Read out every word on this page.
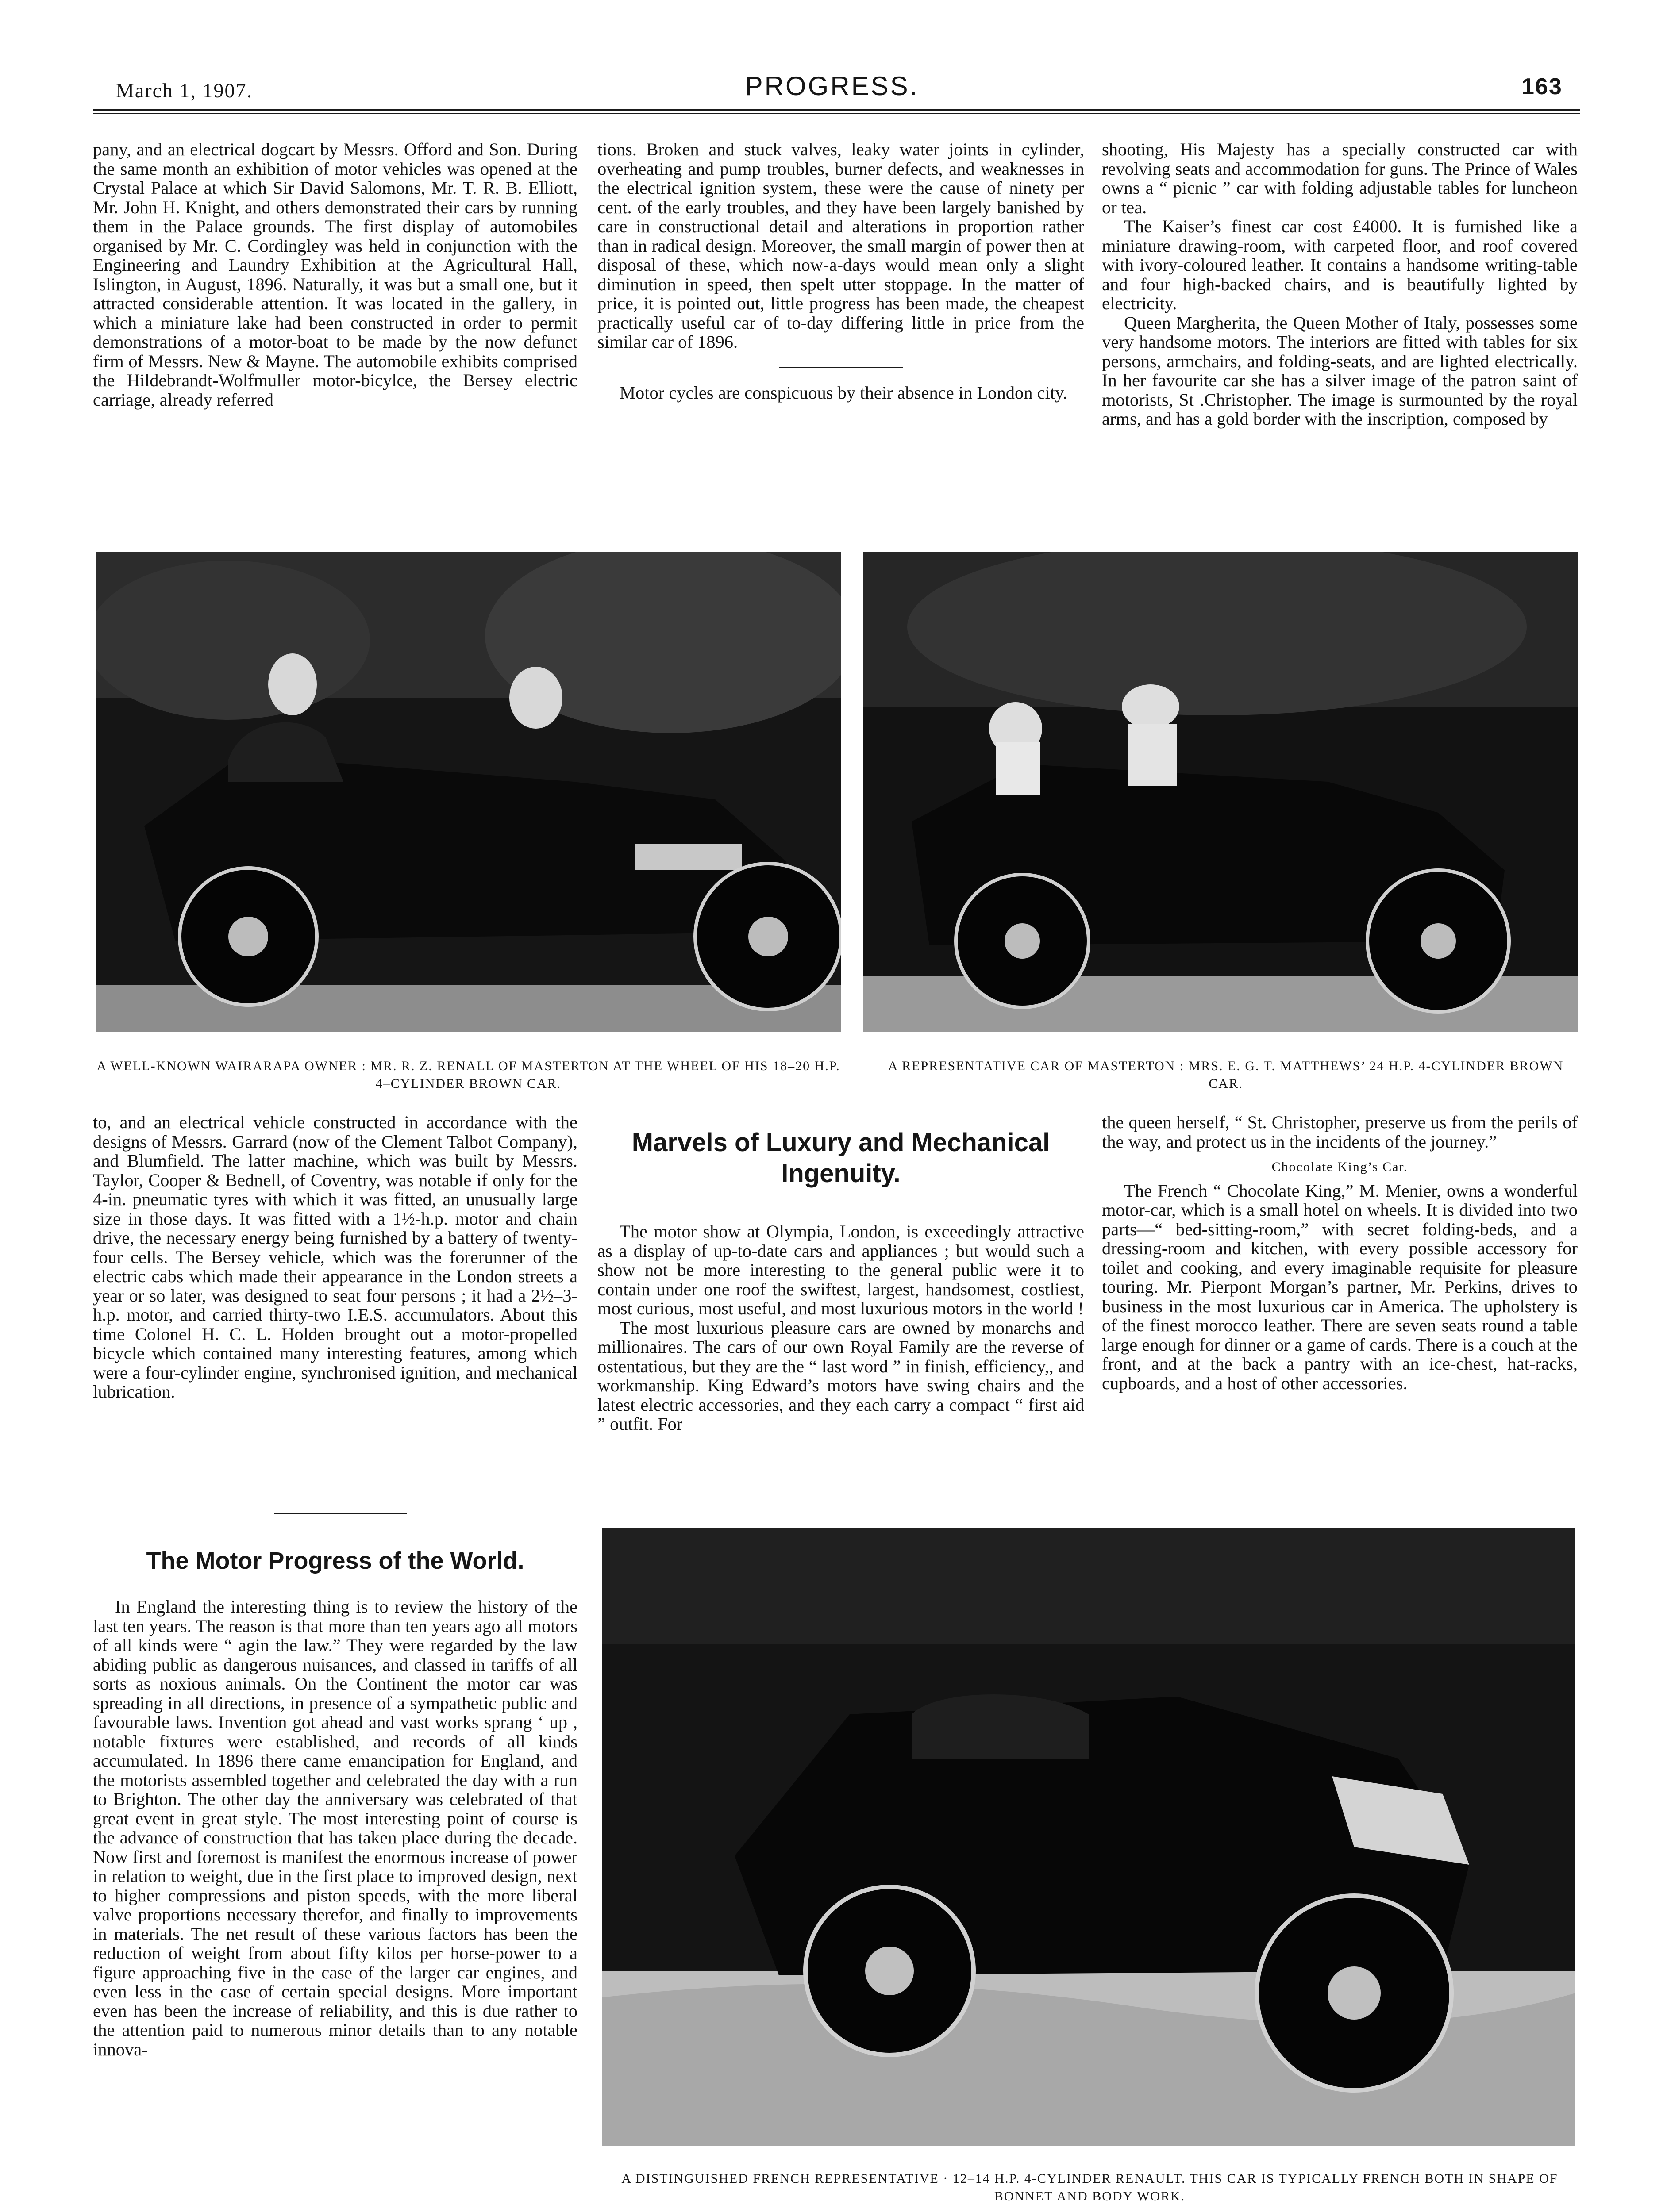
March 1, 1907.	PROGRESS.	163

pany, and an electrical dogcart by Messrs. Offord and Son. During the same month an exhibition of motor vehicles was opened at the Crystal Palace at which Sir David Salomons, Mr. T. R. B. Elliott, Mr. John H. Knight, and others demonstrated their cars by running them in the Palace grounds. The first display of automobiles organised by Mr. C. Cordingley was held in conjunction with the Engineering and Laundry Exhibition at the Agricultural Hall, Islington, in August, 1896. Naturally, it was but a small one, but it attracted considerable attention. It was located in the gallery, in which a miniature lake had been constructed in order to permit demonstrations of a motor-boat to be made by the now defunct firm of Messrs. New & Mayne. The automobile exhibits comprised the Hildebrandt-Wolfmuller motor-bicylce, the Bersey electric carriage, already referred

tions. Broken and stuck valves, leaky water joints in cylinder, overheating and pump troubles, burner defects, and weaknesses in the electrical ignition system, these were the cause of ninety per cent. of the early troubles, and they have been largely banished by care in constructional detail and alterations in proportion rather than in radical design. Moreover, the small margin of power then at disposal of these, which now-a-days would mean only a slight diminution in speed, then spelt utter stoppage. In the matter of price, it is pointed out, little progress has been made, the cheapest practically useful car of to-day differing little in price from the similar car of 1896.

Motor cycles are conspicuous by their absence in London city.

shooting, His Majesty has a specially constructed car with revolving seats and accommodation for guns. The Prince of Wales owns a “ picnic ” car with folding adjustable tables for luncheon or tea.

The Kaiser’s finest car cost £4000. It is furnished like a miniature drawing-room, with carpeted floor, and roof covered with ivory-coloured leather. It contains a handsome writing-table and four high-backed chairs, and is beautifully lighted by electricity.

Queen Margherita, the Queen Mother of Italy, possesses some very handsome motors. The interiors are fitted with tables for six persons, armchairs, and folding-seats, and are lighted electrically. In her favourite car she has a silver image of the patron saint of motorists, St .Christopher. The image is surmounted by the royal arms, and has a gold border with the inscription, composed by

A WELL-KNOWN WAIRARAPA OWNER : MR. R. Z. RENALL OF MASTERTON AT THE WHEEL OF HIS 18–20 H.P. 4–CYLINDER BROWN CAR.
A REPRESENTATIVE CAR OF MASTERTON : MRS. E. G. T. MATTHEWS’ 24 H.P. 4-CYLINDER BROWN CAR.

to, and an electrical vehicle constructed in accordance with the designs of Messrs. Garrard (now of the Clement Talbot Company), and Blumfield. The latter machine, which was built by Messrs. Taylor, Cooper & Bednell, of Coventry, was notable if only for the 4-in. pneumatic tyres with which it was fitted, an unusually large size in those days. It was fitted with a 1½-h.p. motor and chain drive, the necessary energy being furnished by a battery of twenty-four cells. The Bersey vehicle, which was the forerunner of the electric cabs which made their appearance in the London streets a year or so later, was designed to seat four persons ; it had a 2½–3-h.p. motor, and carried thirty-two I.E.S. accumulators. About this time Colonel H. C. L. Holden brought out a motor-propelled bicycle which contained many interesting features, among which were a four-cylinder engine, synchronised ignition, and mechanical lubrication.

Marvels of Luxury and Mechanical Ingenuity.

The motor show at Olympia, London, is exceedingly attractive as a display of up-to-date cars and appliances ; but would such a show not be more interesting to the general public were it to contain under one roof the swiftest, largest, handsomest, costliest, most curious, most useful, and most luxurious motors in the world !

The most luxurious pleasure cars are owned by monarchs and millionaires. The cars of our own Royal Family are the reverse of ostentatious, but they are the “ last word ” in finish, efficiency,, and workmanship. King Edward’s motors have swing chairs and the latest electric accessories, and they each carry a compact “ first aid ” outfit. For

the queen herself, “ St. Christopher, preserve us from the perils of the way, and protect us in the incidents of the journey.”

Chocolate King’s Car.

The French “ Chocolate King,” M. Menier, owns a wonderful motor-car, which is a small hotel on wheels. It is divided into two parts—“ bed-sitting-room,” with secret folding-beds, and a dressing-room and kitchen, with every possible accessory for toilet and cooking, and every imaginable requisite for pleasure touring. Mr. Pierpont Morgan’s partner, Mr. Perkins, drives to business in the most luxurious car in America. The upholstery is of the finest morocco leather. There are seven seats round a table large enough for dinner or a game of cards. There is a couch at the front, and at the back a pantry with an ice-chest, hat-racks, cupboards, and a host of other accessories.

The Motor Progress of the World.

In England the interesting thing is to review the history of the last ten years. The reason is that more than ten years ago all motors of all kinds were “ agin the law.” They were regarded by the law abiding public as dangerous nuisances, and classed in tariffs of all sorts as noxious animals. On the Continent the motor car was spreading in all directions, in presence of a sympathetic public and favourable laws. Invention got ahead and vast works sprang ‘ up , notable fixtures were established, and records of all kinds accumulated. In 1896 there came emancipation for England, and the motorists assembled together and celebrated the day with a run to Brighton. The other day the anniversary was celebrated of that great event in great style. The most interesting point of course is the advance of construction that has taken place during the decade. Now first and foremost is manifest the enormous increase of power in relation to weight, due in the first place to improved design, next to higher compressions and piston speeds, with the more liberal valve proportions necessary therefor, and finally to improvements in materials. The net result of these various factors has been the reduction of weight from about fifty kilos per horse-power to a figure approaching five in the case of the larger car engines, and even less in the case of certain special designs. More important even has been the increase of reliability, and this is due rather to the attention paid to numerous minor details than to any notable innova-

A DISTINGUISHED FRENCH REPRESENTATIVE · 12–14 H.P. 4-CYLINDER RENAULT. THIS CAR IS TYPICALLY FRENCH BOTH IN SHAPE OF BONNET AND BODY WORK.
